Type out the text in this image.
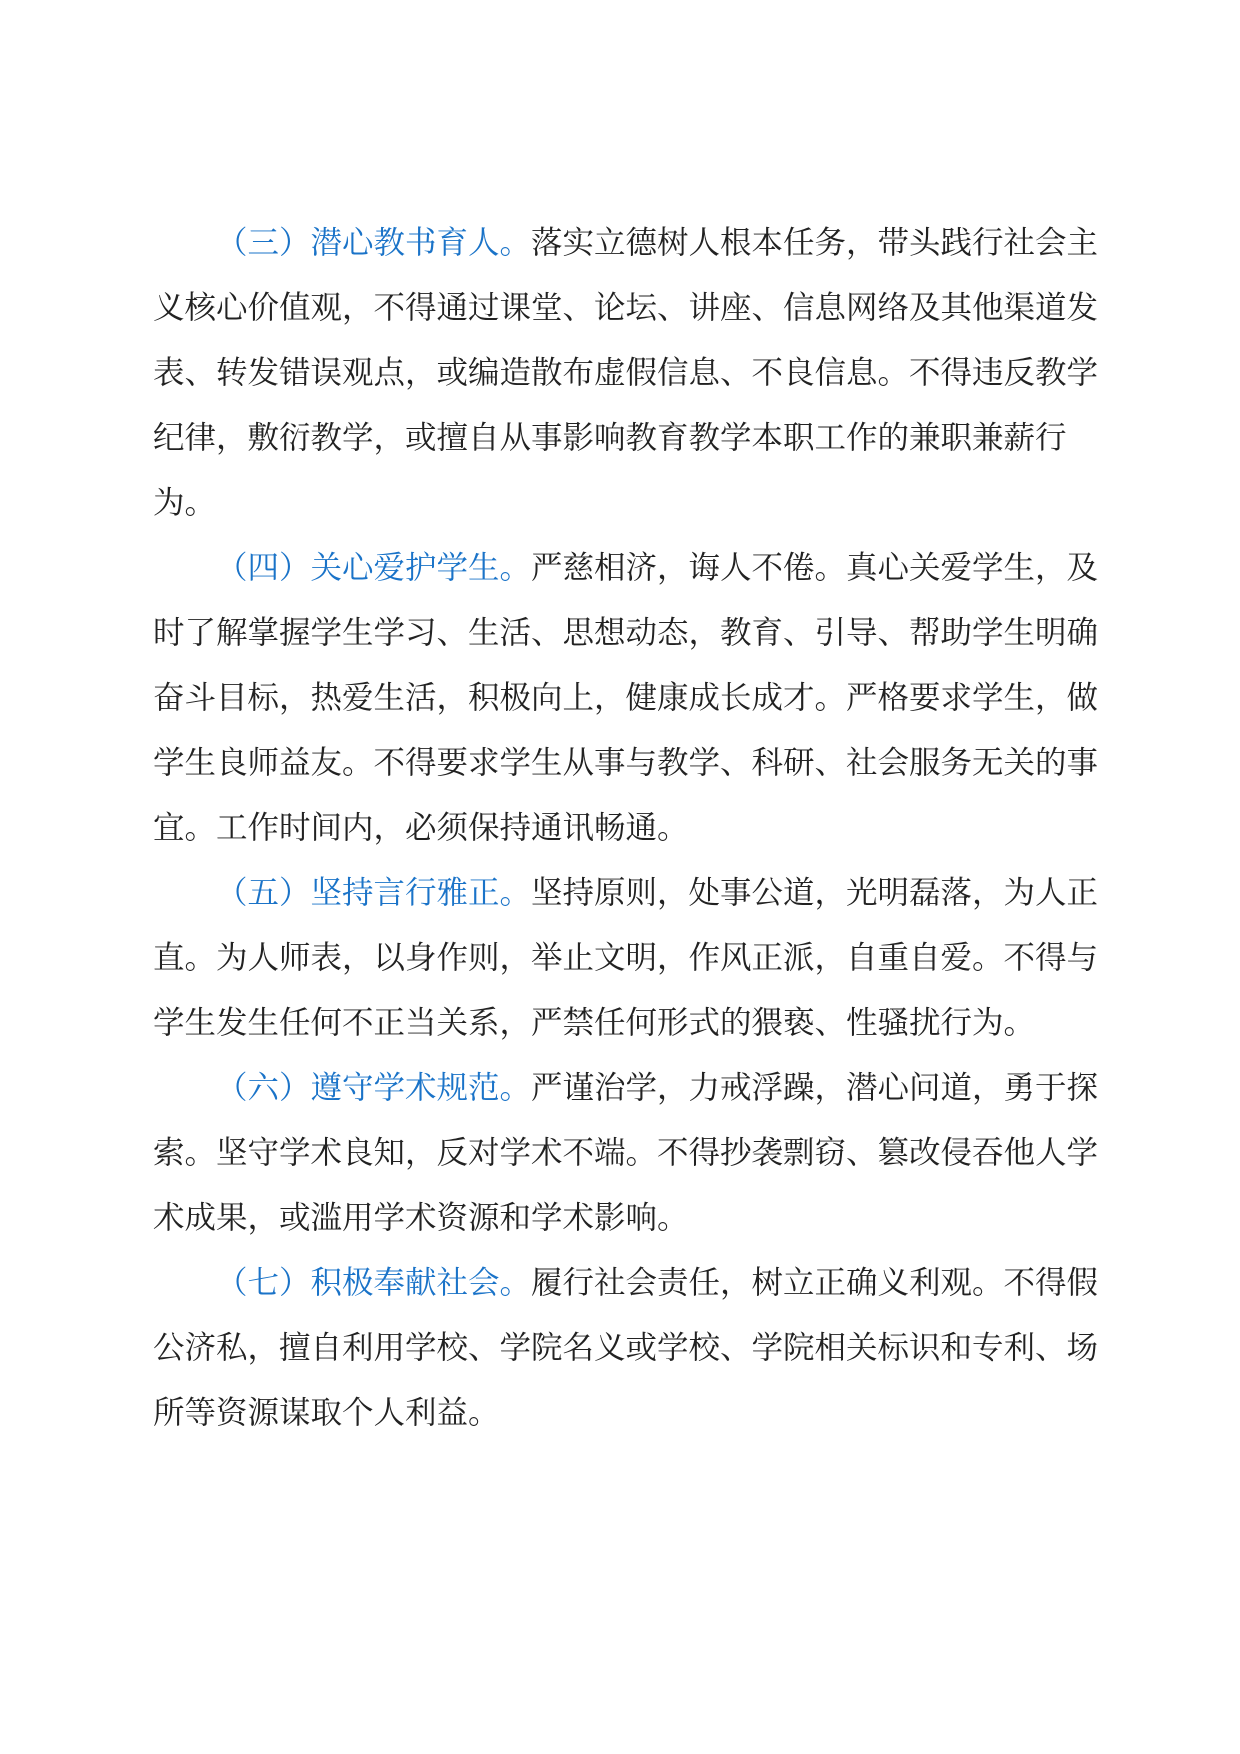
（三）潜心教书育人。落实立德树人根本任务，带头践行社会主义核心价值观，不得通过课堂、论坛、讲座、信息网络及其他渠道发表、转发错误观点，或编造散布虚假信息、不良信息。不得违反教学纪律，敷衍教学，或擅自从事影响教育教学本职工作的兼职兼薪行为。

（四）关心爱护学生。严慈相济，诲人不倦。真心关爱学生，及时了解掌握学生学习、生活、思想动态，教育、引导、帮助学生明确奋斗目标，热爱生活，积极向上，健康成长成才。严格要求学生，做学生良师益友。不得要求学生从事与教学、科研、社会服务无关的事宜。工作时间内，必须保持通讯畅通。

（五）坚持言行雅正。坚持原则，处事公道，光明磊落，为人正直。为人师表，以身作则，举止文明，作风正派，自重自爱。不得与学生发生任何不正当关系，严禁任何形式的猥亵、性骚扰行为。

（六）遵守学术规范。严谨治学，力戒浮躁，潜心问道，勇于探索。坚守学术良知，反对学术不端。不得抄袭剽窃、篡改侵吞他人学术成果，或滥用学术资源和学术影响。

（七）积极奉献社会。履行社会责任，树立正确义利观。不得假公济私，擅自利用学校、学院名义或学校、学院相关标识和专利、场所等资源谋取个人利益。
